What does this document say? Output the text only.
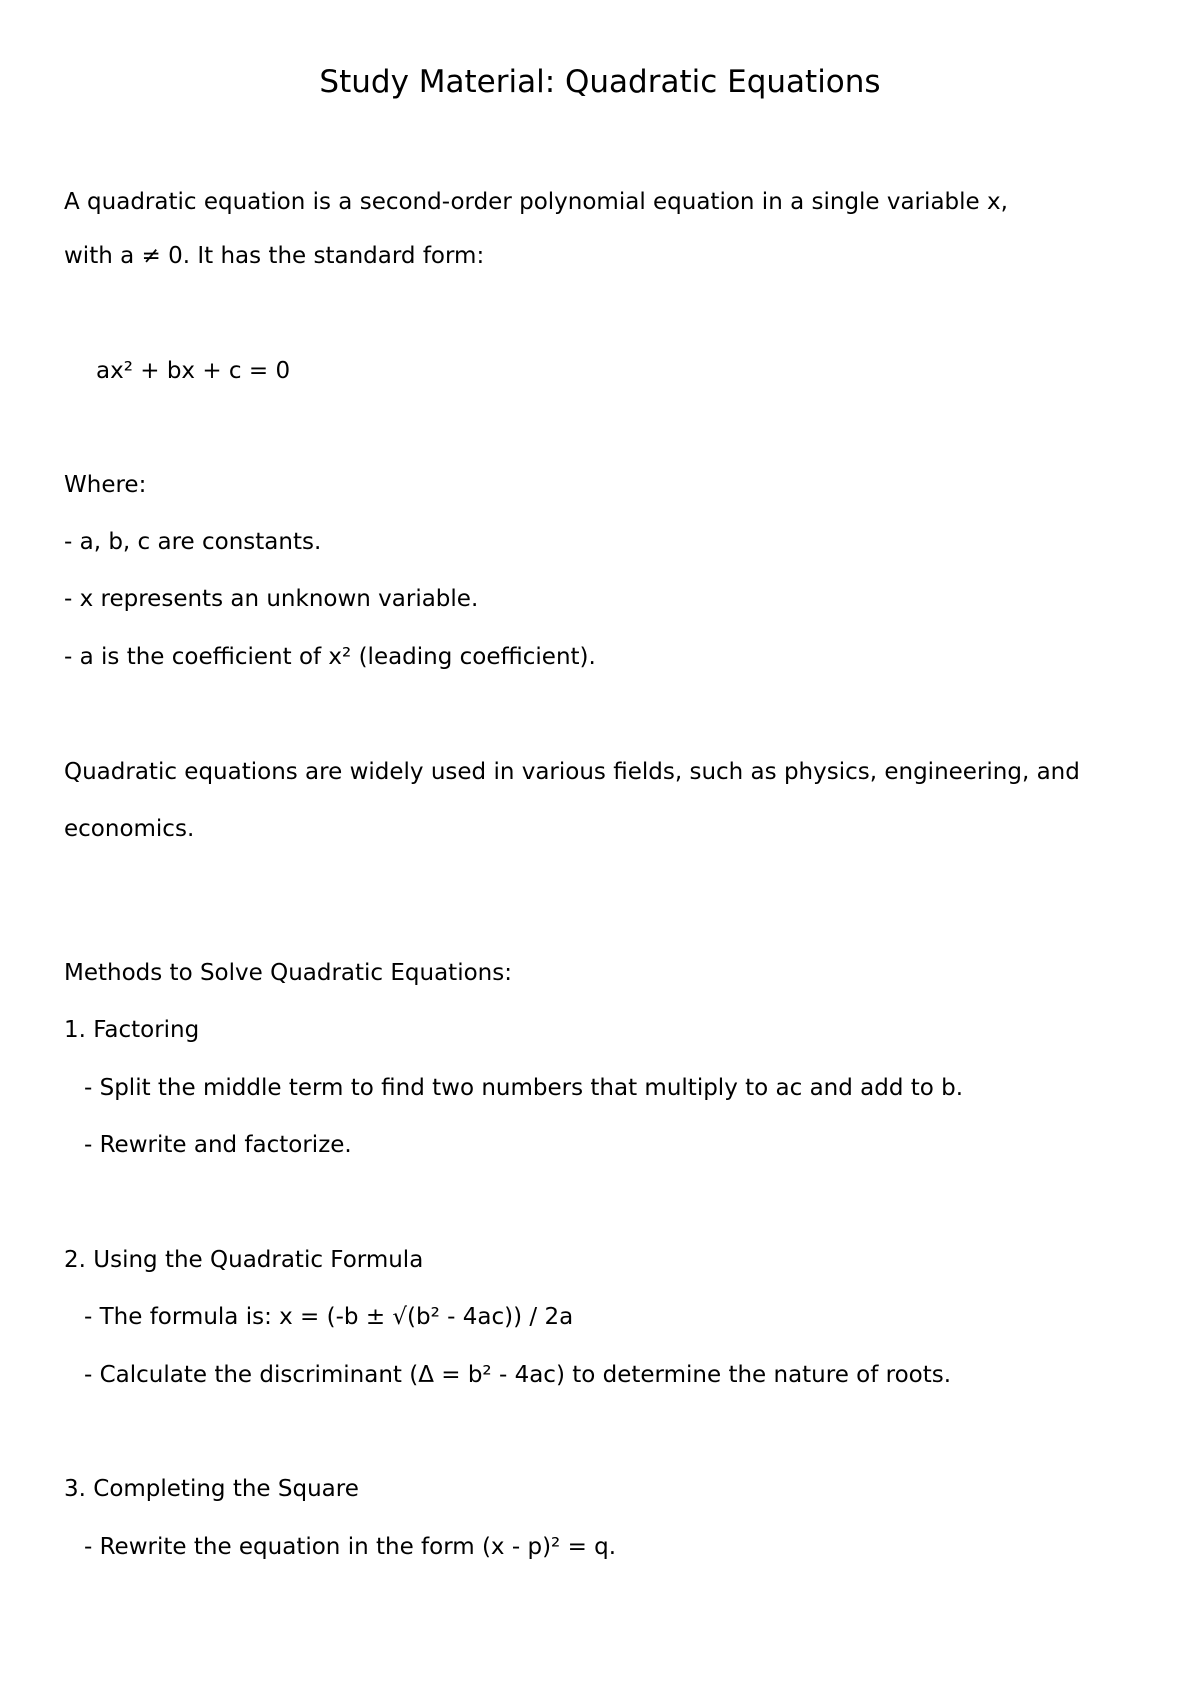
Study Material: Quadratic Equations
A quadratic equation is a second-order polynomial equation in a single variable x,
with a ≠ 0. It has the standard form:
ax² + bx + c = 0
Where:
- a, b, c are constants.
- x represents an unknown variable.
- a is the coefficient of x² (leading coefficient).
Quadratic equations are widely used in various fields, such as physics, engineering, and
economics.
Methods to Solve Quadratic Equations:
1. Factoring
- Split the middle term to find two numbers that multiply to ac and add to b.
- Rewrite and factorize.
2. Using the Quadratic Formula
- The formula is: x = (-b ± √(b² - 4ac)) / 2a
- Calculate the discriminant (Δ = b² - 4ac) to determine the nature of roots.
3. Completing the Square
- Rewrite the equation in the form (x - p)² = q.
